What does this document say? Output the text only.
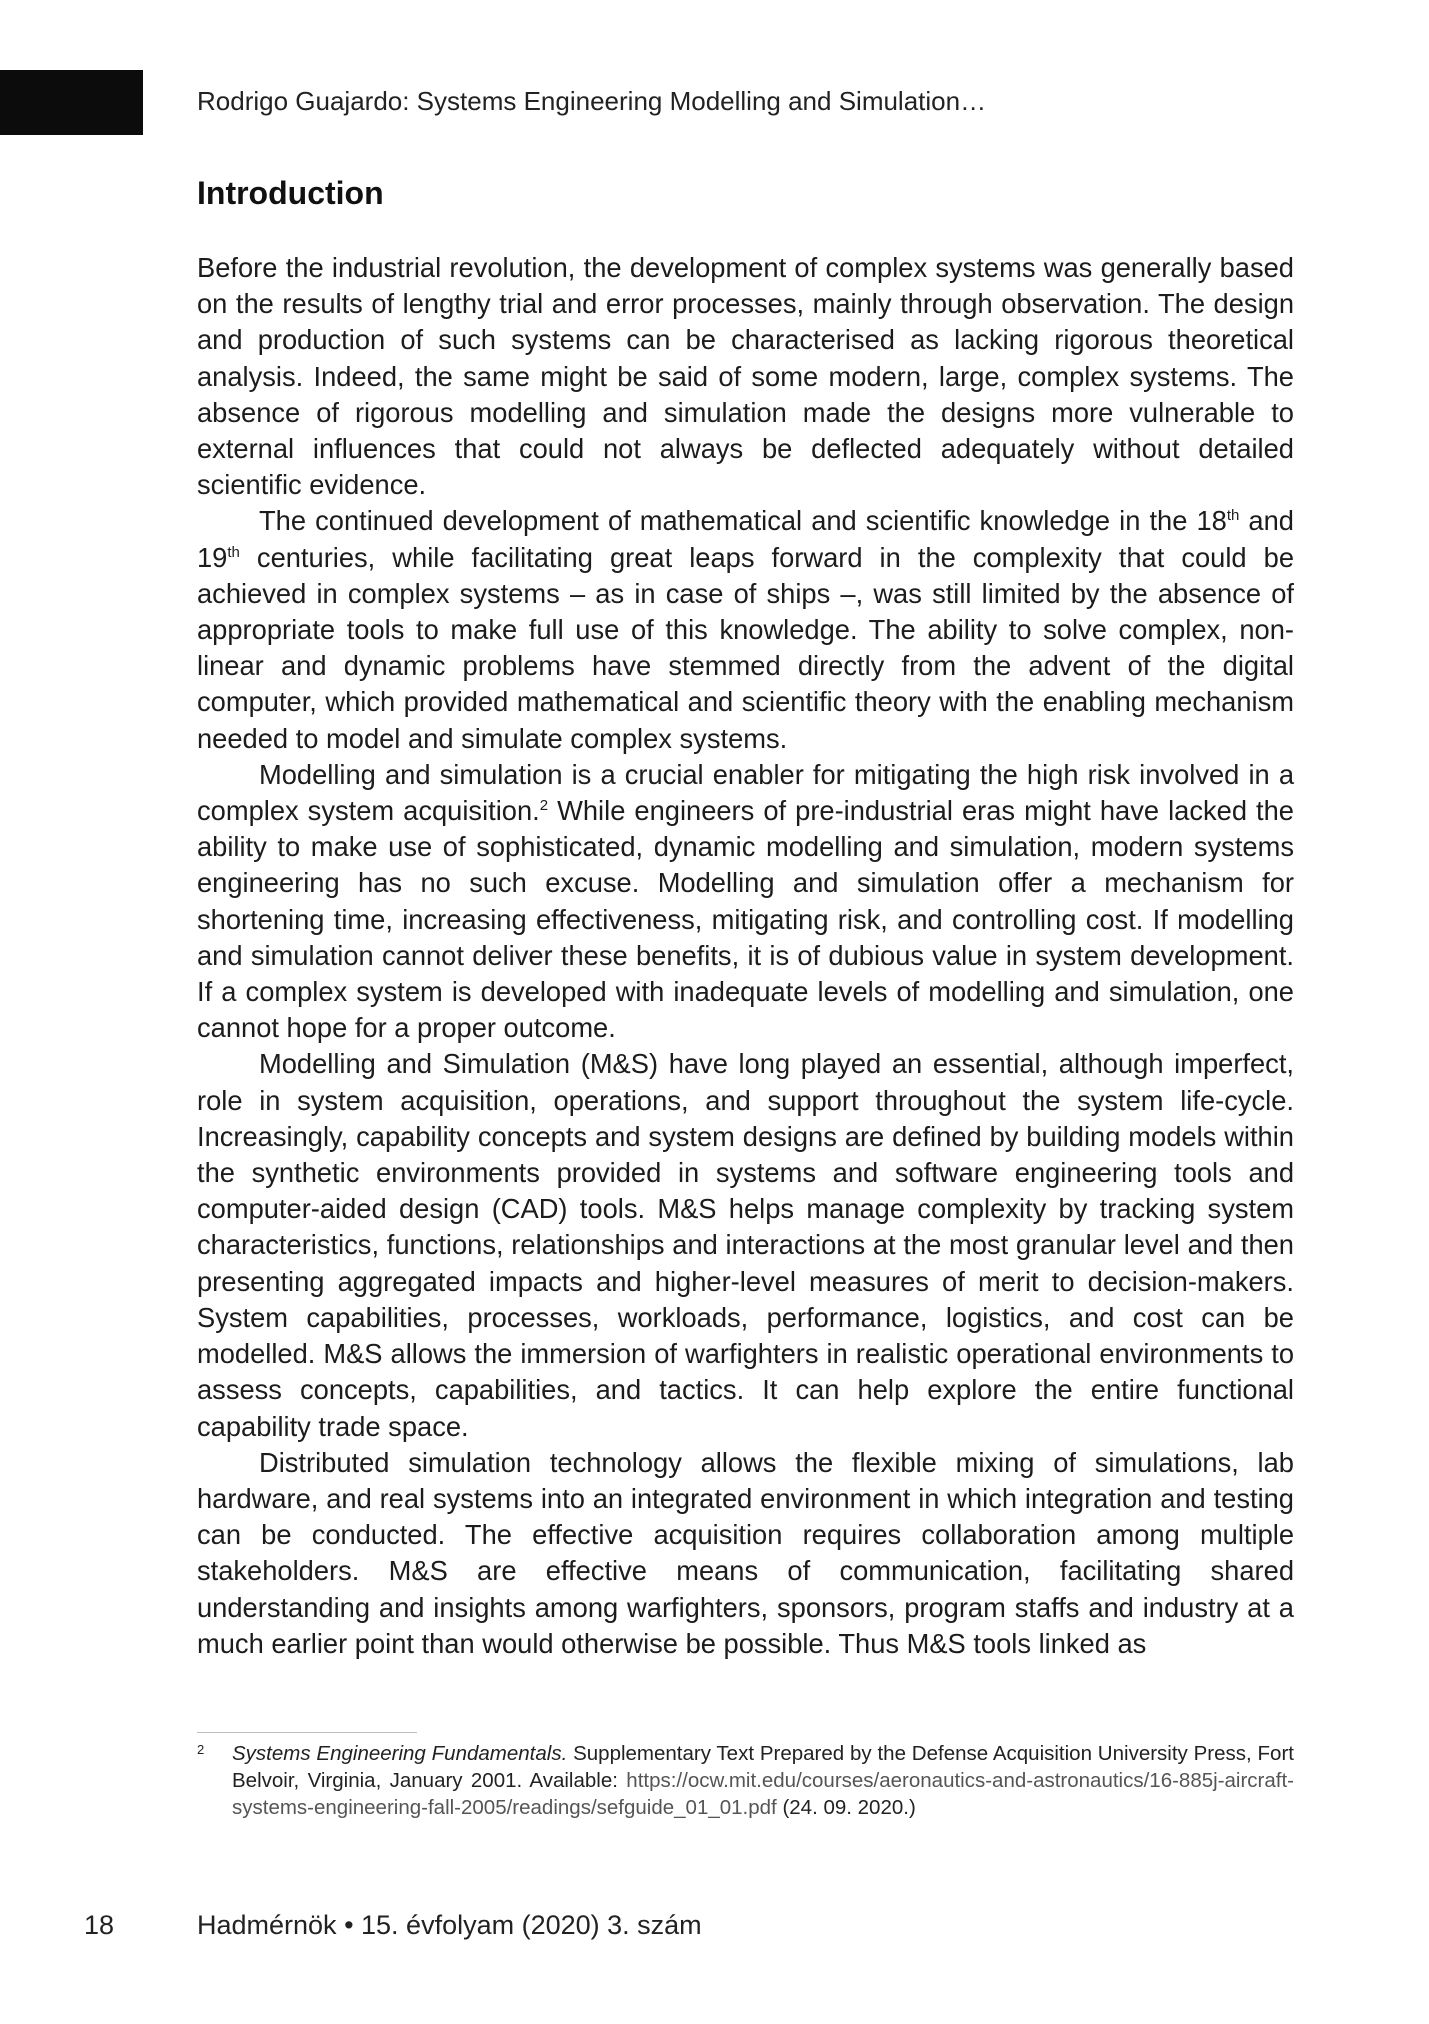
Rodrigo Guajardo: Systems Engineering Modelling and Simulation…
Introduction

Before the industrial revolution, the development of complex systems was generally based on the results of lengthy trial and error processes, mainly through observation. The design and production of such systems can be characterised as lacking rigorous theoretical analysis. Indeed, the same might be said of some modern, large, complex systems. The absence of rigorous modelling and simulation made the designs more vulnerable to external influences that could not always be deflected adequately without detailed scientific evidence.

The continued development of mathematical and scientific knowledge in the 18th and 19th centuries, while facilitating great leaps forward in the complexity that could be achieved in complex systems – as in case of ships –, was still limited by the absence of appropriate tools to make full use of this knowledge. The ability to solve complex, non-linear and dynamic problems have stemmed directly from the advent of the digital computer, which provided mathematical and scientific theory with the enabling mechanism needed to model and simulate complex systems.

Modelling and simulation is a crucial enabler for mitigating the high risk involved in a complex system acquisition.$^2$ While engineers of pre-industrial eras might have lacked the ability to make use of sophisticated, dynamic modelling and simulation, modern systems engineering has no such excuse. Modelling and simulation offer a mechanism for shortening time, increasing effectiveness, mitigating risk, and controlling cost. If modelling and simulation cannot deliver these benefits, it is of dubious value in system development. If a complex system is developed with inadequate levels of modelling and simulation, one cannot hope for a proper outcome.

Modelling and Simulation (M&S) have long played an essential, although imperfect, role in system acquisition, operations, and support throughout the system life-cycle. Increasingly, capability concepts and system designs are defined by building models within the synthetic environments provided in systems and software engineering tools and computer-aided design (CAD) tools. M&S helps manage complexity by tracking system characteristics, functions, relationships and interactions at the most granular level and then presenting aggregated impacts and higher-level measures of merit to decision-makers. System capabilities, processes, workloads, performance, logistics, and cost can be modelled. M&S allows the immersion of warfighters in realistic operational environments to assess concepts, capabilities, and tactics. It can help explore the entire functional capability trade space.

Distributed simulation technology allows the flexible mixing of simulations, lab hardware, and real systems into an integrated environment in which integration and testing can be conducted. The effective acquisition requires collaboration among multiple stakeholders. M&S are effective means of communication, facilitating shared understanding and insights among warfighters, sponsors, program staffs and industry at a much earlier point than would otherwise be possible. Thus M&S tools linked as

2 Systems Engineering Fundamentals. Supplementary Text Prepared by the Defense Acquisition University Press, Fort Belvoir, Virginia, January 2001. Available: https://ocw.mit.edu/courses/aeronautics-and-astronautics/16-885j-aircraft-systems-engineering-fall-2005/readings/sefguide_01_01.pdf (24. 09. 2020.)
18	Hadmérnök • 15. évfolyam (2020) 3. szám
